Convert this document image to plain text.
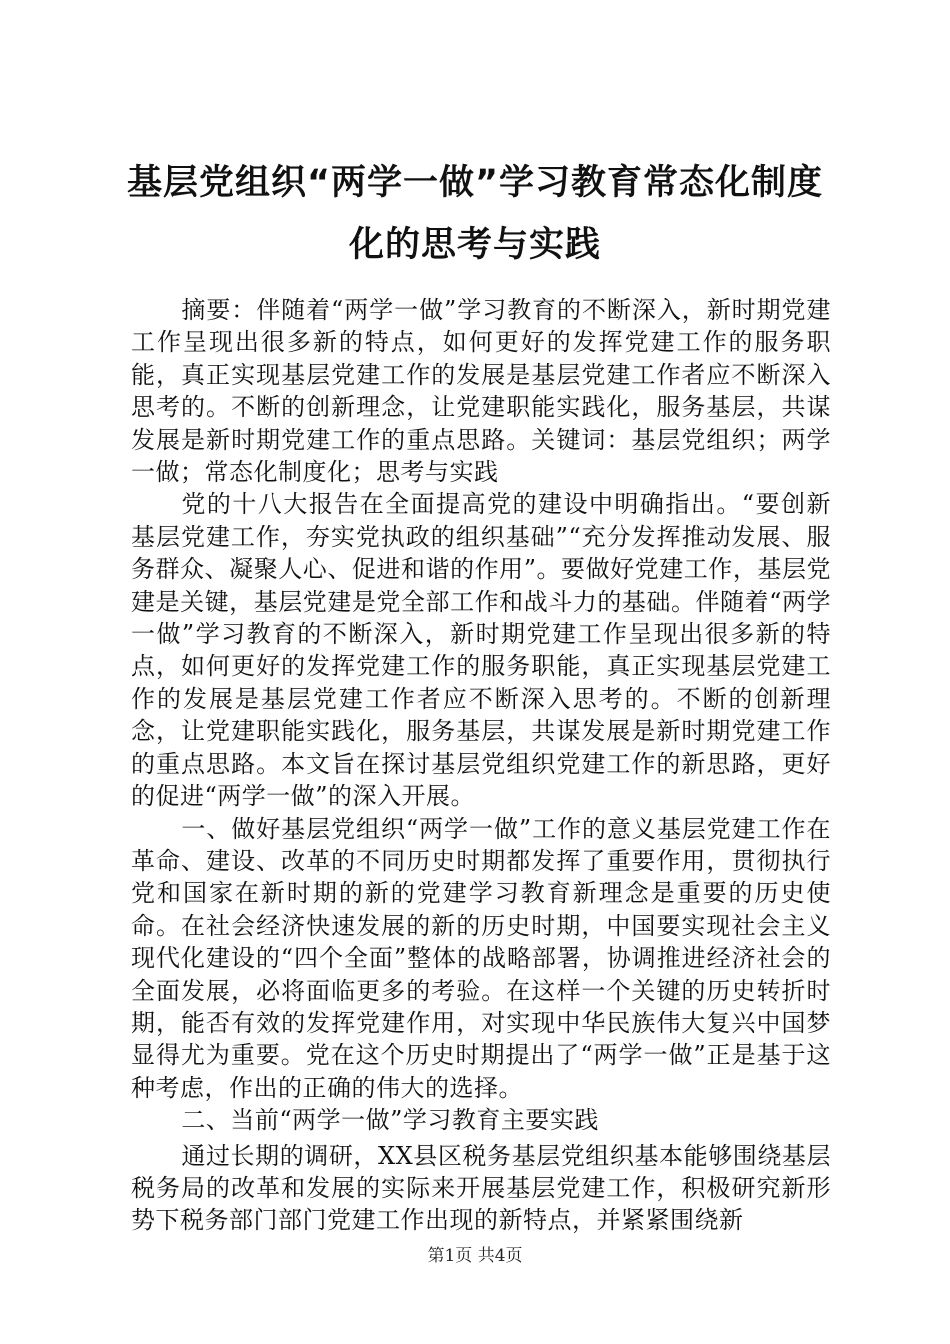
基层党组织“两学一做”学习教育常态化制度
化的思考与实践

摘要：伴随着“两学一做”学习教育的不断深入，新时期党建工作呈现出很多新的特点，如何更好的发挥党建工作的服务职能，真正实现基层党建工作的发展是基层党建工作者应不断深入思考的。不断的创新理念，让党建职能实践化，服务基层，共谋发展是新时期党建工作的重点思路。关键词：基层党组织；两学一做；常态化制度化；思考与实践

党的十八大报告在全面提高党的建设中明确指出。“要创新基层党建工作，夯实党执政的组织基础”“充分发挥推动发展、服务群众、凝聚人心、促进和谐的作用”。要做好党建工作，基层党建是关键，基层党建是党全部工作和战斗力的基础。伴随着“两学一做”学习教育的不断深入，新时期党建工作呈现出很多新的特点，如何更好的发挥党建工作的服务职能，真正实现基层党建工作的发展是基层党建工作者应不断深入思考的。不断的创新理念，让党建职能实践化，服务基层，共谋发展是新时期党建工作的重点思路。本文旨在探讨基层党组织党建工作的新思路，更好的促进“两学一做”的深入开展。

一、做好基层党组织“两学一做”工作的意义基层党建工作在革命、建设、改革的不同历史时期都发挥了重要作用，贯彻执行党和国家在新时期的新的党建学习教育新理念是重要的历史使命。在社会经济快速发展的新的历史时期，中国要实现社会主义现代化建设的“四个全面”整体的战略部署，协调推进经济社会的全面发展，必将面临更多的考验。在这样一个关键的历史转折时期，能否有效的发挥党建作用，对实现中华民族伟大复兴中国梦显得尤为重要。党在这个历史时期提出了“两学一做”正是基于这种考虑，作出的正确的伟大的选择。

二、当前“两学一做”学习教育主要实践

通过长期的调研，XX县区税务基层党组织基本能够围绕基层税务局的改革和发展的实际来开展基层党建工作，积极研究新形势下税务部门部门党建工作出现的新特点，并紧紧围绕新

第1页 共4页
